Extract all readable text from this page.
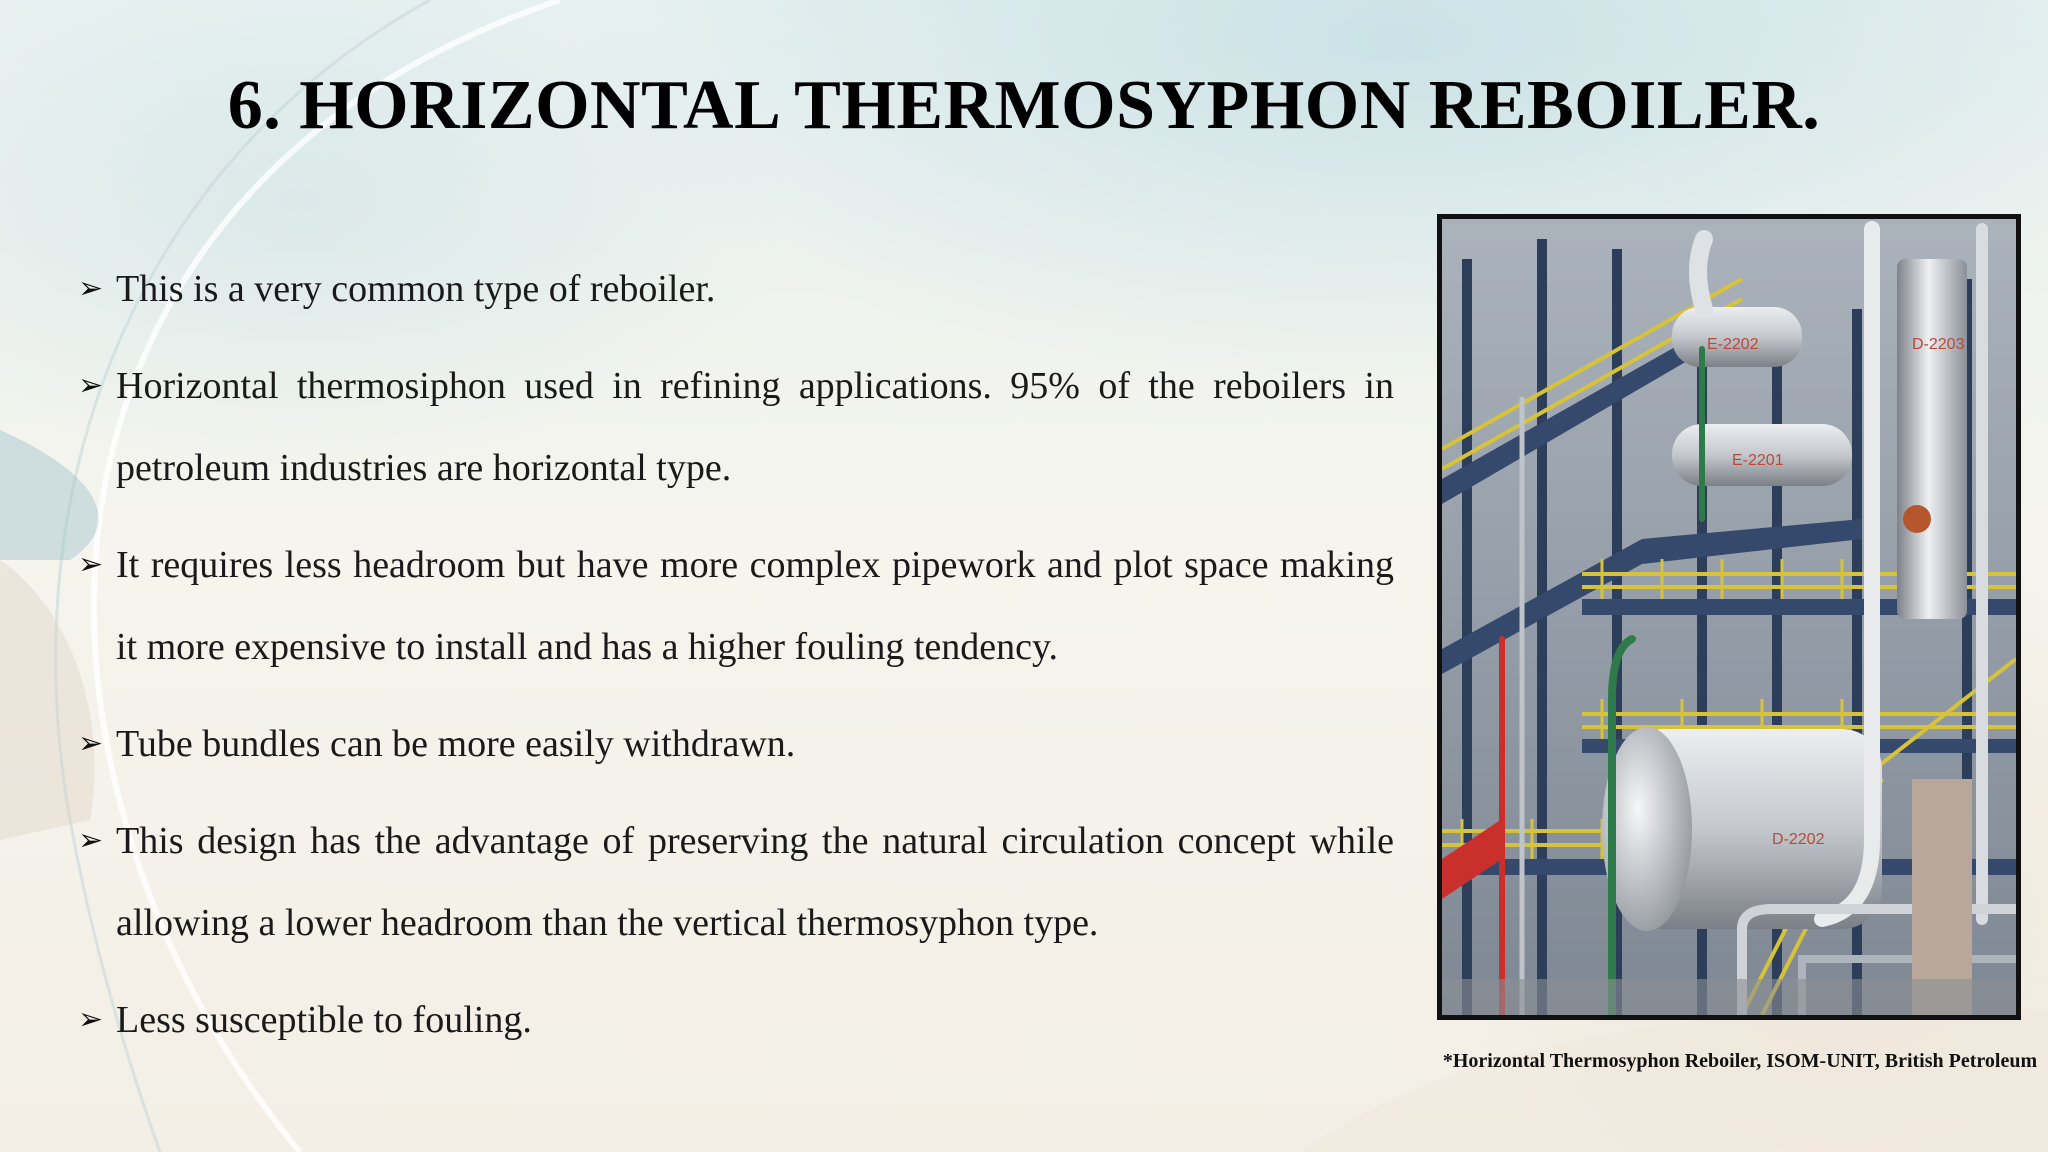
6. HORIZONTAL THERMOSYPHON REBOILER.
➢ This is a very common type of reboiler.
➢ Horizontal thermosiphon used in refining applications. 95% of the reboilers in petroleum industries are horizontal type.
➢ It requires less headroom but have more complex pipework and plot space making it more expensive to install and has a higher fouling tendency.
➢ Tube bundles can be more easily withdrawn.
➢ This design has the advantage of preserving the natural circulation concept while allowing a lower headroom than the vertical thermosyphon type.
➢ Less susceptible to fouling.
E-2202
E-2201
D-2203
D-2202
*Horizontal Thermosyphon Reboiler, ISOM-UNIT, British Petroleum
